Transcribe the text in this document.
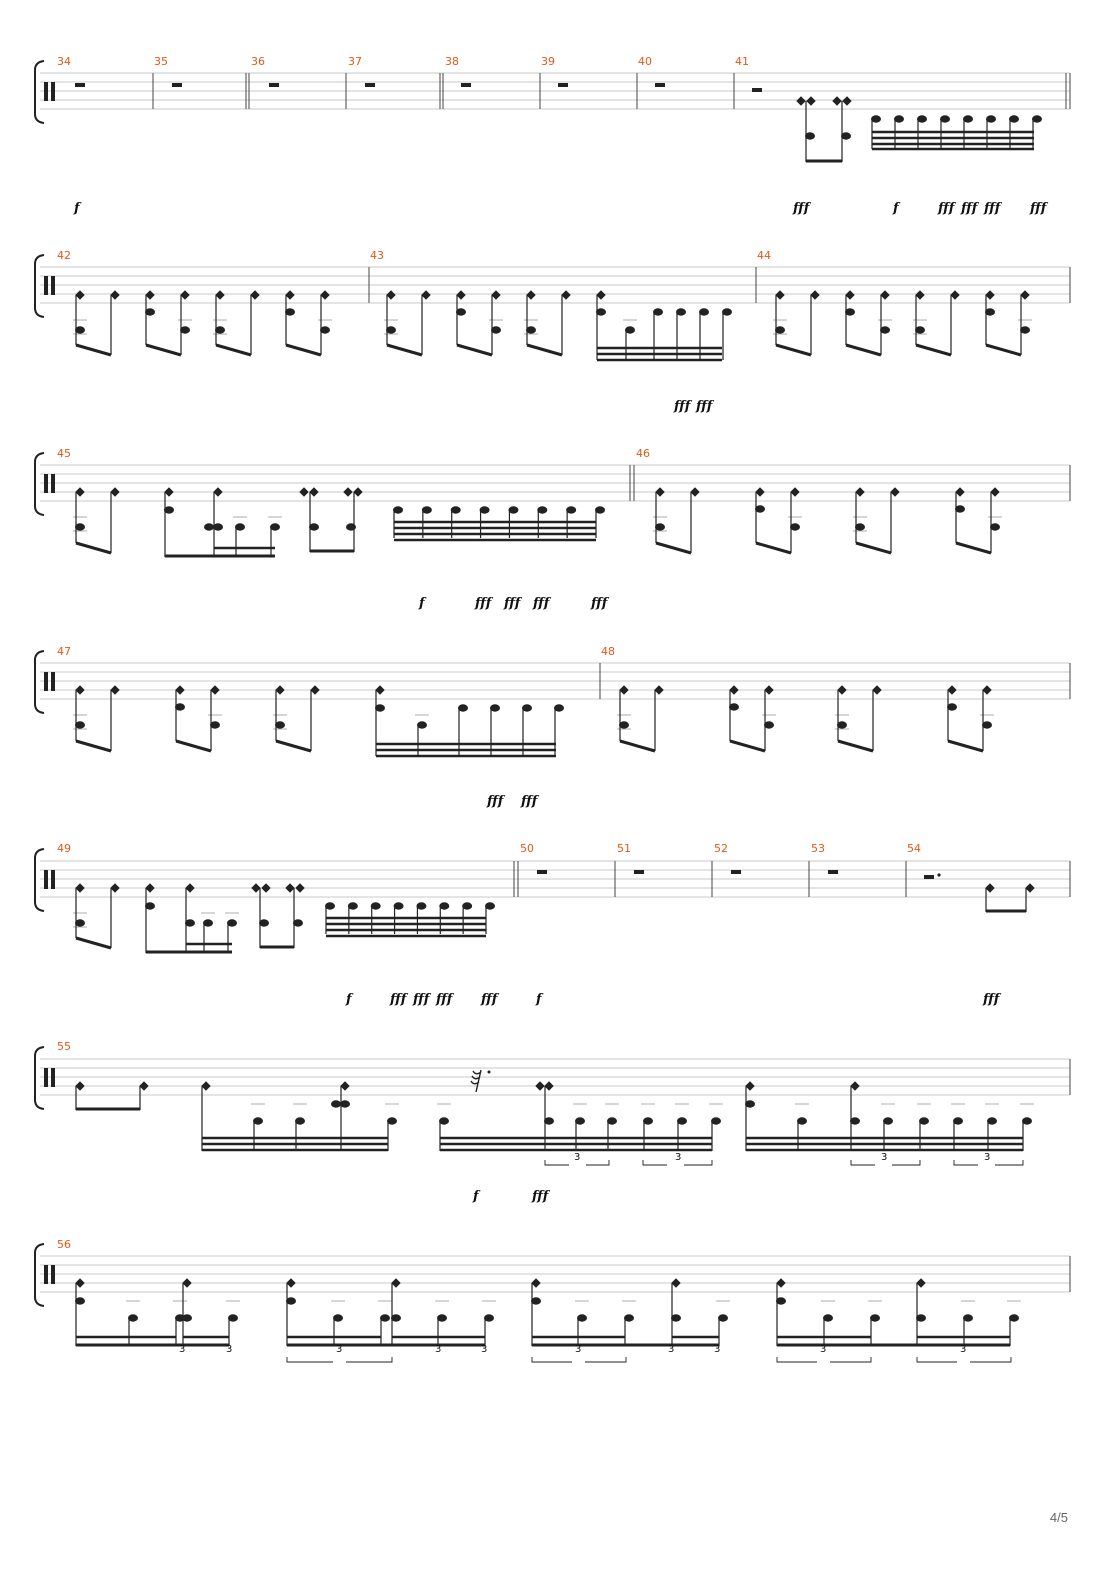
34	35	36	37	38	39	40	41
f	fff	f	fff fff fff fff
42	43	44
fff fff
45	46
f	fff fff fff	fff
47	48
fff fff
49	50	51	52	53	54
f	fff fff fff fff	f	fff
55
3	3	3	3
f	fff
56
3	3	3	3	3	3	3	3	3	3
4/5
